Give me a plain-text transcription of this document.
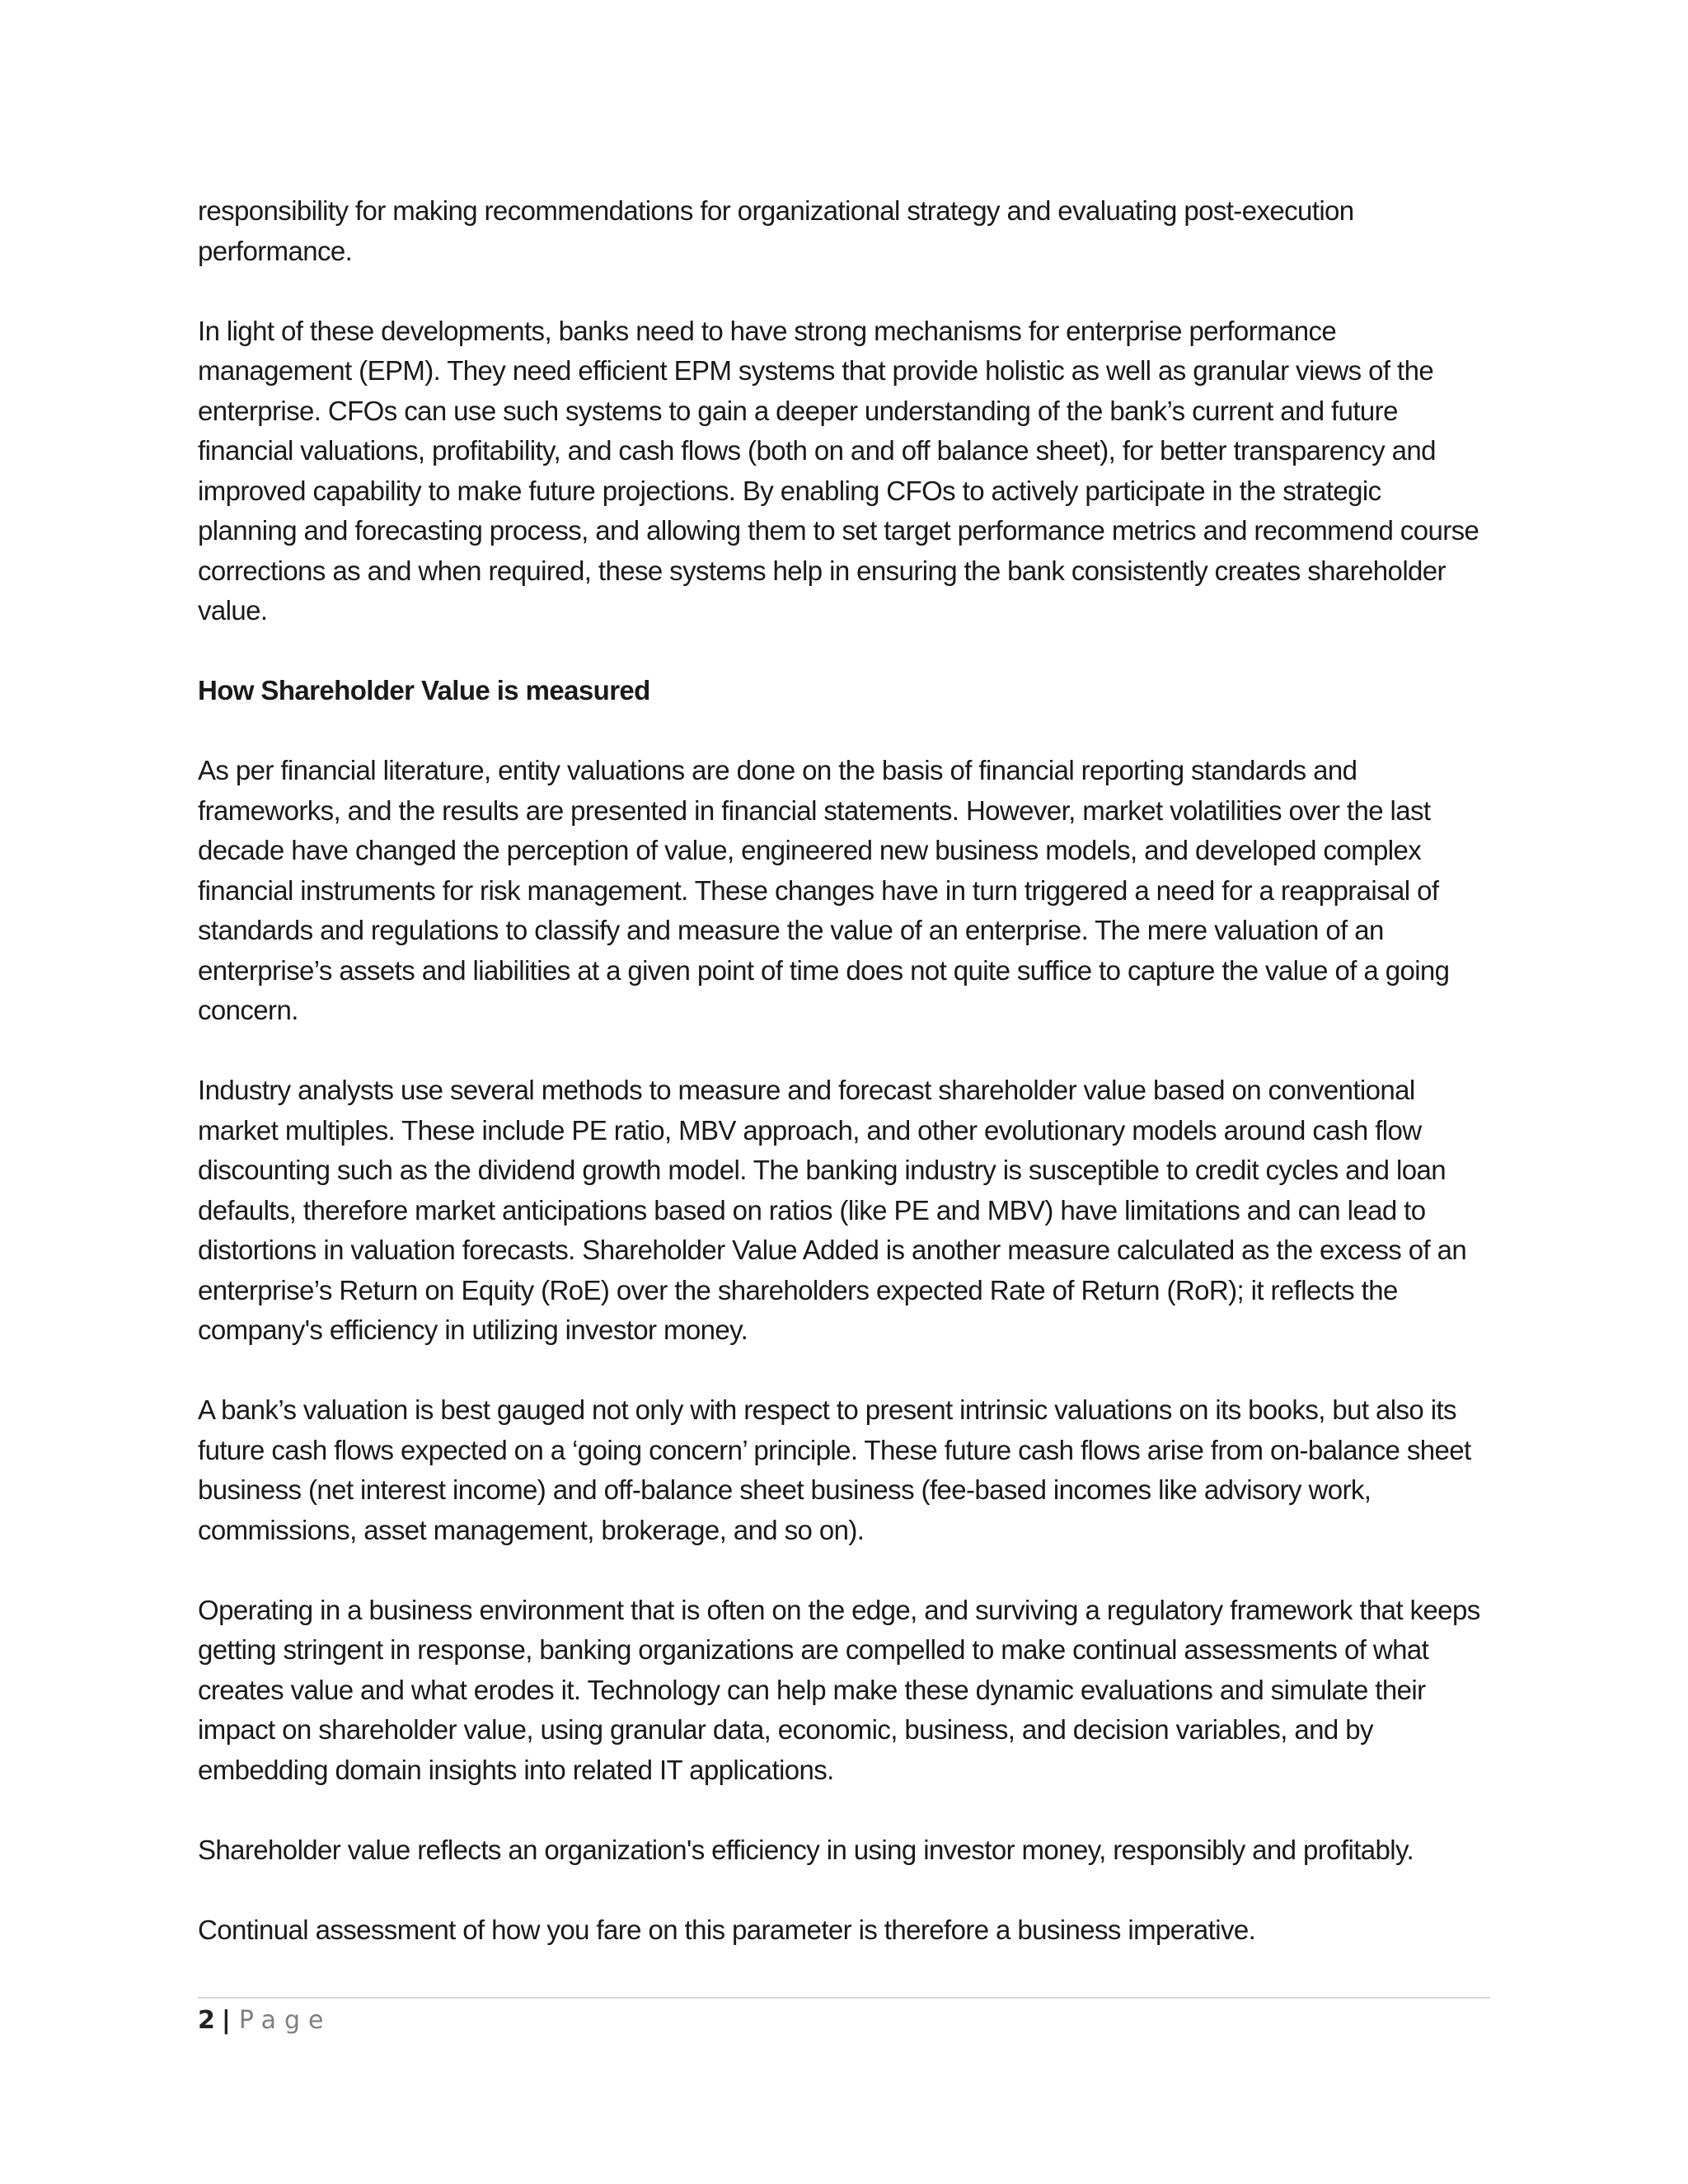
responsibility for making recommendations for organizational strategy and evaluating post-execution performance.

In light of these developments, banks need to have strong mechanisms for enterprise performance management (EPM). They need efficient EPM systems that provide holistic as well as granular views of the enterprise. CFOs can use such systems to gain a deeper understanding of the bank’s current and future financial valuations, profitability, and cash flows (both on and off balance sheet), for better transparency and improved capability to make future projections. By enabling CFOs to actively participate in the strategic planning and forecasting process, and allowing them to set target performance metrics and recommend course corrections as and when required, these systems help in ensuring the bank consistently creates shareholder value.

How Shareholder Value is measured

As per financial literature, entity valuations are done on the basis of financial reporting standards and frameworks, and the results are presented in financial statements. However, market volatilities over the last decade have changed the perception of value, engineered new business models, and developed complex financial instruments for risk management. These changes have in turn triggered a need for a reappraisal of standards and regulations to classify and measure the value of an enterprise. The mere valuation of an enterprise’s assets and liabilities at a given point of time does not quite suffice to capture the value of a going concern.

Industry analysts use several methods to measure and forecast shareholder value based on conventional market multiples. These include PE ratio, MBV approach, and other evolutionary models around cash flow discounting such as the dividend growth model. The banking industry is susceptible to credit cycles and loan defaults, therefore market anticipations based on ratios (like PE and MBV) have limitations and can lead to distortions in valuation forecasts. Shareholder Value Added is another measure calculated as the excess of an enterprise’s Return on Equity (RoE) over the shareholders expected Rate of Return (RoR); it reflects the company's efficiency in utilizing investor money.

A bank’s valuation is best gauged not only with respect to present intrinsic valuations on its books, but also its future cash flows expected on a ‘going concern’ principle. These future cash flows arise from on-balance sheet business (net interest income) and off-balance sheet business (fee-based incomes like advisory work, commissions, asset management, brokerage, and so on).

Operating in a business environment that is often on the edge, and surviving a regulatory framework that keeps getting stringent in response, banking organizations are compelled to make continual assessments of what creates value and what erodes it. Technology can help make these dynamic evaluations and simulate their impact on shareholder value, using granular data, economic, business, and decision variables, and by embedding domain insights into related IT applications.

Shareholder value reflects an organization's efficiency in using investor money, responsibly and profitably.

Continual assessment of how you fare on this parameter is therefore a business imperative.

2 | Page
